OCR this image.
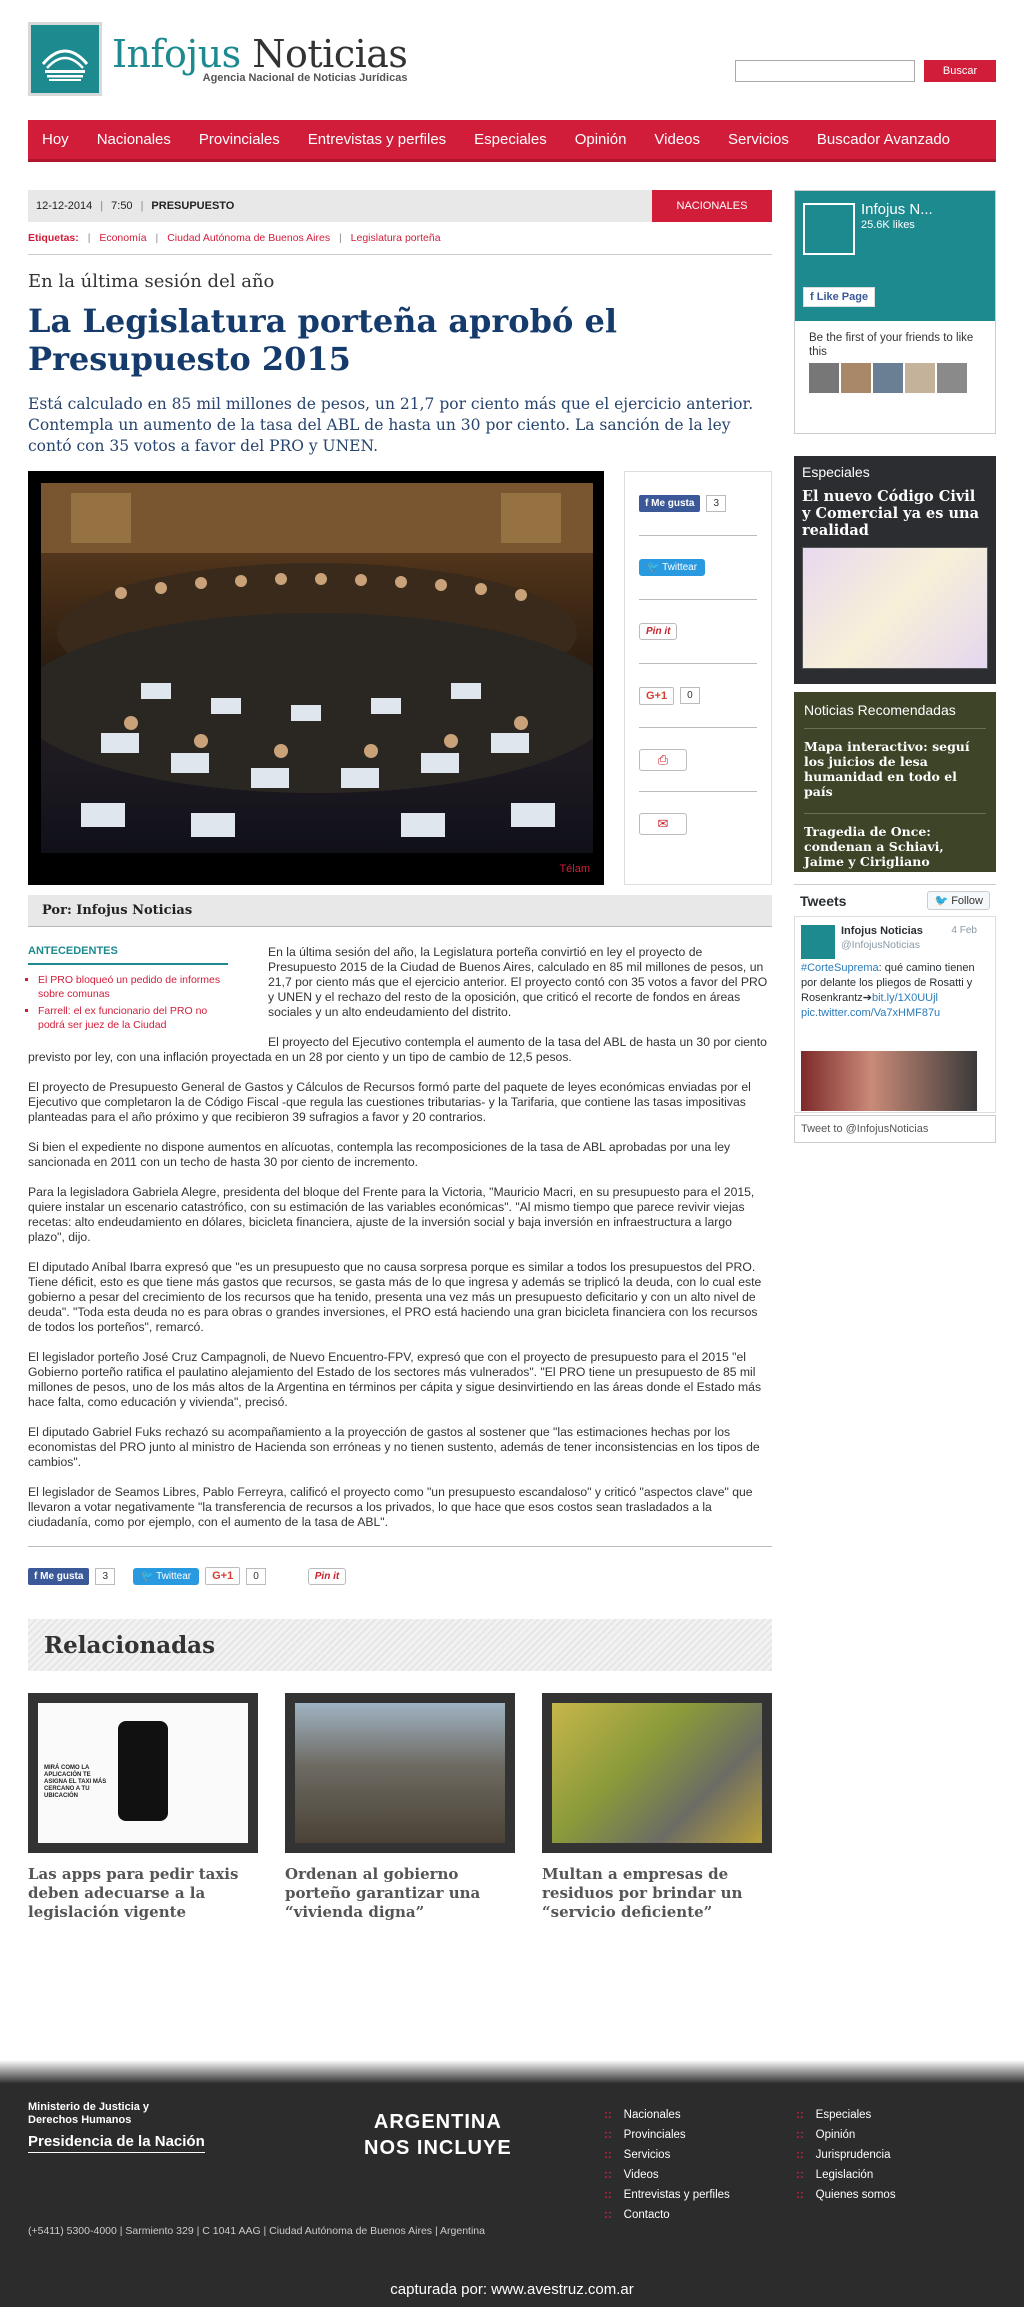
Infojus Noticias
Agencia Nacional de Noticias Jurídicas
Buscar
Hoy Nacionales Provinciales Entrevistas y perfiles Especiales Opinión Videos Servicios Buscador Avanzado
12-12-2014 | 7:50 | PRESUPUESTO	NACIONALES
Etiquetas: | Economía | Ciudad Autónoma de Buenos Aires | Legislatura porteña
En la última sesión del año
La Legislatura porteña aprobó el Presupuesto 2015

Está calculado en 85 mil millones de pesos, un 21,7 por ciento más que el ejercicio anterior. Contempla un aumento de la tasa del ABL de hasta un 30 por ciento. La sanción de la ley contó con 35 votos a favor del PRO y UNEN.

Télam
f Me gusta	3
🐦 Twittear
Pin it
G+1	0
⎙
✉
Por: Infojus Noticias
ANTECEDENTES
▪ El PRO bloqueó un pedido de informes sobre comunas
▪ Farrell: el ex funcionario del PRO no podrá ser juez de la Ciudad

En la última sesión del año, la Legislatura porteña convirtió en ley el proyecto de Presupuesto 2015 de la Ciudad de Buenos Aires, calculado en 85 mil millones de pesos, un 21,7 por ciento más que el ejercicio anterior. El proyecto contó con 35 votos a favor del PRO y UNEN y el rechazo del resto de la oposición, que criticó el recorte de fondos en áreas sociales y un alto endeudamiento del distrito.

El proyecto del Ejecutivo contempla el aumento de la tasa del ABL de hasta un 30 por ciento previsto por ley, con una inflación proyectada en un 28 por ciento y un tipo de cambio de 12,5 pesos.

El proyecto de Presupuesto General de Gastos y Cálculos de Recursos formó parte del paquete de leyes económicas enviadas por el Ejecutivo que completaron la de Código Fiscal -que regula las cuestiones tributarias- y la Tarifaria, que contiene las tasas impositivas planteadas para el año próximo y que recibieron 39 sufragios a favor y 20 contrarios.

Si bien el expediente no dispone aumentos en alícuotas, contempla las recomposiciones de la tasa de ABL aprobadas por una ley sancionada en 2011 con un techo de hasta 30 por ciento de incremento.

Para la legisladora Gabriela Alegre, presidenta del bloque del Frente para la Victoria, "Mauricio Macri, en su presupuesto para el 2015, quiere instalar un escenario catastrófico, con su estimación de las variables económicas". "Al mismo tiempo que parece revivir viejas recetas: alto endeudamiento en dólares, bicicleta financiera, ajuste de la inversión social y baja inversión en infraestructura a largo plazo", dijo.

El diputado Aníbal Ibarra expresó que "es un presupuesto que no causa sorpresa porque es similar a todos los presupuestos del PRO. Tiene déficit, esto es que tiene más gastos que recursos, se gasta más de lo que ingresa y además se triplicó la deuda, con lo cual este gobierno a pesar del crecimiento de los recursos que ha tenido, presenta una vez más un presupuesto deficitario y con un alto nivel de deuda". "Toda esta deuda no es para obras o grandes inversiones, el PRO está haciendo una gran bicicleta financiera con los recursos de todos los porteños", remarcó.

El legislador porteño José Cruz Campagnoli, de Nuevo Encuentro-FPV, expresó que con el proyecto de presupuesto para el 2015 "el Gobierno porteño ratifica el paulatino alejamiento del Estado de los sectores más vulnerados". "El PRO tiene un presupuesto de 85 mil millones de pesos, uno de los más altos de la Argentina en términos per cápita y sigue desinvirtiendo en las áreas donde el Estado más hace falta, como educación y vivienda", precisó.

El diputado Gabriel Fuks rechazó su acompañamiento a la proyección de gastos al sostener que "las estimaciones hechas por los economistas del PRO junto al ministro de Hacienda son erróneas y no tienen sustento, además de tener inconsistencias en los tipos de cambios".

El legislador de Seamos Libres, Pablo Ferreyra, calificó el proyecto como "un presupuesto escandaloso" y criticó "aspectos clave" que llevaron a votar negativamente "la transferencia de recursos a los privados, lo que hace que esos costos sean trasladados a la ciudadanía, como por ejemplo, con el aumento de la tasa de ABL".

f Me gusta	3	🐦 Twittear	G+1	0	Pin it
Relacionadas
MIRÁ COMO LA APLICACIÓN TE ASIGNA EL TAXI MÁS CERCANO A TU UBICACIÓN
Las apps para pedir taxis deben adecuarse a la legislación vigente
Ordenan al gobierno porteño garantizar una “vivienda digna”
Multan a empresas de residuos por brindar un “servicio deficiente”
Infojus N...
25.6K likes
f Like Page
Be the first of your friends to like this
Especiales
El nuevo Código Civil y Comercial ya es una realidad
Noticias Recomendadas
Mapa interactivo: seguí los juicios de lesa humanidad en todo el país
Tragedia de Once: condenan a Schiavi, Jaime y Cirigliano
Tweets	🐦 Follow
Infojus Noticias
@InfojusNoticias
4 Feb
#CorteSuprema: qué camino tienen por delante los pliegos de Rosatti y Rosenkrantz➔bit.ly/1X0UUjl pic.twitter.com/Va7xHMF87u
Tweet to @InfojusNoticias
Ministerio de Justicia y Derechos Humanos
Presidencia de la Nación
ARGENTINA
NOS INCLUYE
(+5411) 5300-4000 | Sarmiento 329 | C 1041 AAG | Ciudad Autónoma de Buenos Aires | Argentina
:: Nacionales
:: Provinciales
:: Servicios
:: Videos
:: Entrevistas y perfiles
:: Contacto
:: Especiales
:: Opinión
:: Jurisprudencia
:: Legislación
:: Quienes somos
capturada por: www.avestruz.com.ar
